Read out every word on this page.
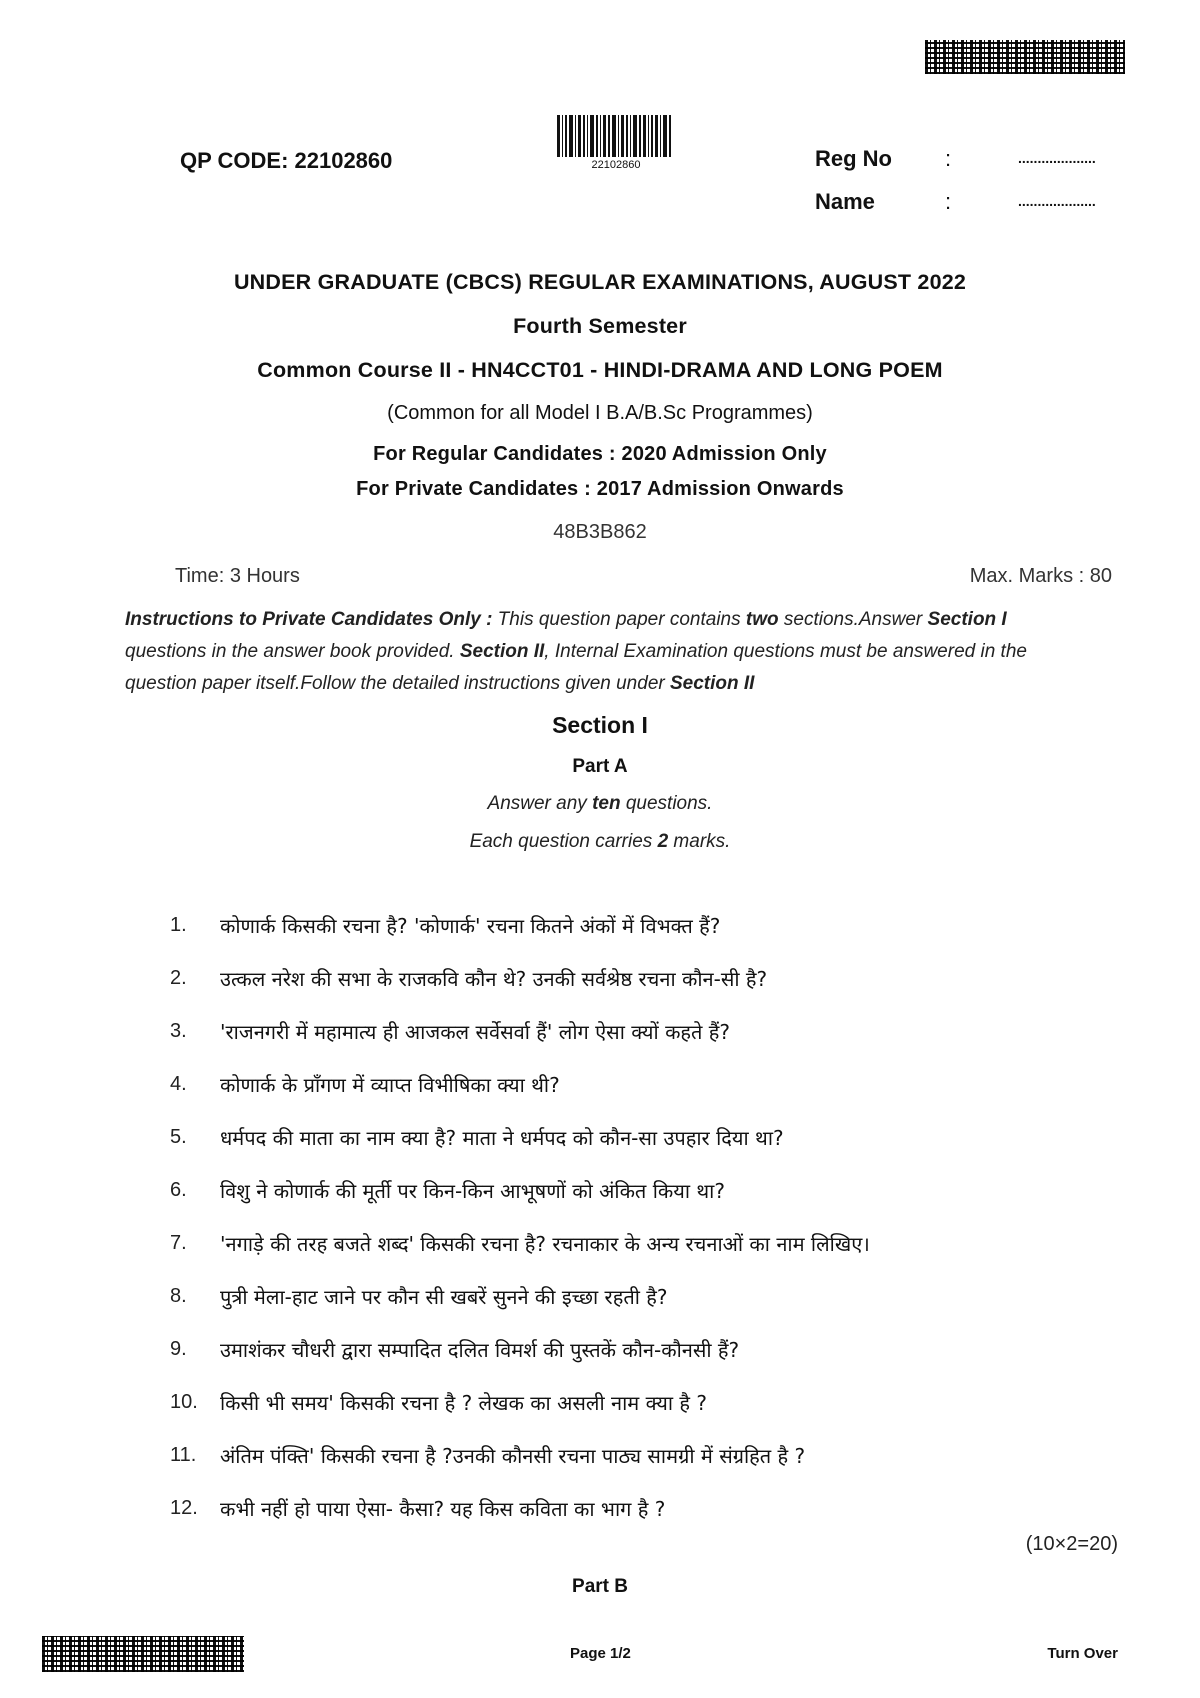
QP CODE: 22102860	22102860	Reg No :	....................
Name	:	....................
UNDER GRADUATE (CBCS) REGULAR EXAMINATIONS, AUGUST 2022
Fourth Semester
Common Course II - HN4CCT01 - HINDI-DRAMA AND LONG POEM
(Common for all Model I B.A/B.Sc Programmes)
For Regular Candidates : 2020 Admission Only
For Private Candidates : 2017 Admission Onwards
48B3B862
Time: 3 Hours	Max. Marks : 80
Instructions to Private Candidates Only : This question paper contains two sections.Answer Section I
questions in the answer book provided. Section II, Internal Examination questions must be answered in the
question paper itself.Follow the detailed instructions given under Section II
Section I
Part A
Answer any ten questions.
Each question carries 2 marks.
1.	कोणार्क किसकी रचना है? 'कोणार्क' रचना कितने अंकों में विभक्त हैं?
2.	उत्कल नरेश की सभा के राजकवि कौन थे? उनकी सर्वश्रेष्ठ रचना कौन-सी है?
3.	'राजनगरी में महामात्य ही आजकल सर्वेसर्वा हैं' लोग ऐसा क्यों कहते हैं?
4.	कोणार्क के प्राँगण में व्याप्त विभीषिका क्या थी?
5.	धर्मपद की माता का नाम क्या है? माता ने धर्मपद को कौन-सा उपहार दिया था?
6.	विशु ने कोणार्क की मूर्ती पर किन-किन आभूषणों को अंकित किया था?
7.	'नगाड़े की तरह बजते शब्द' किसकी रचना है? रचनाकार के अन्य रचनाओं का नाम लिखिए।
8.	पुत्री मेला-हाट जाने पर कौन सी खबरें सुनने की इच्छा रहती है?
9.	उमाशंकर चौधरी द्वारा सम्पादित दलित विमर्श की पुस्तकें कौन-कौनसी हैं?
10.	किसी भी समय' किसकी रचना है ? लेखक का असली नाम क्या है ?
11.	अंतिम पंक्ति' किसकी रचना है ?उनकी कौनसी रचना पाठ्य सामग्री में संग्रहित है ?
12.	कभी नहीं हो पाया ऐसा- कैसा? यह किस कविता का भाग है ?
(10×2=20)
Part B
Page 1/2	Turn Over
